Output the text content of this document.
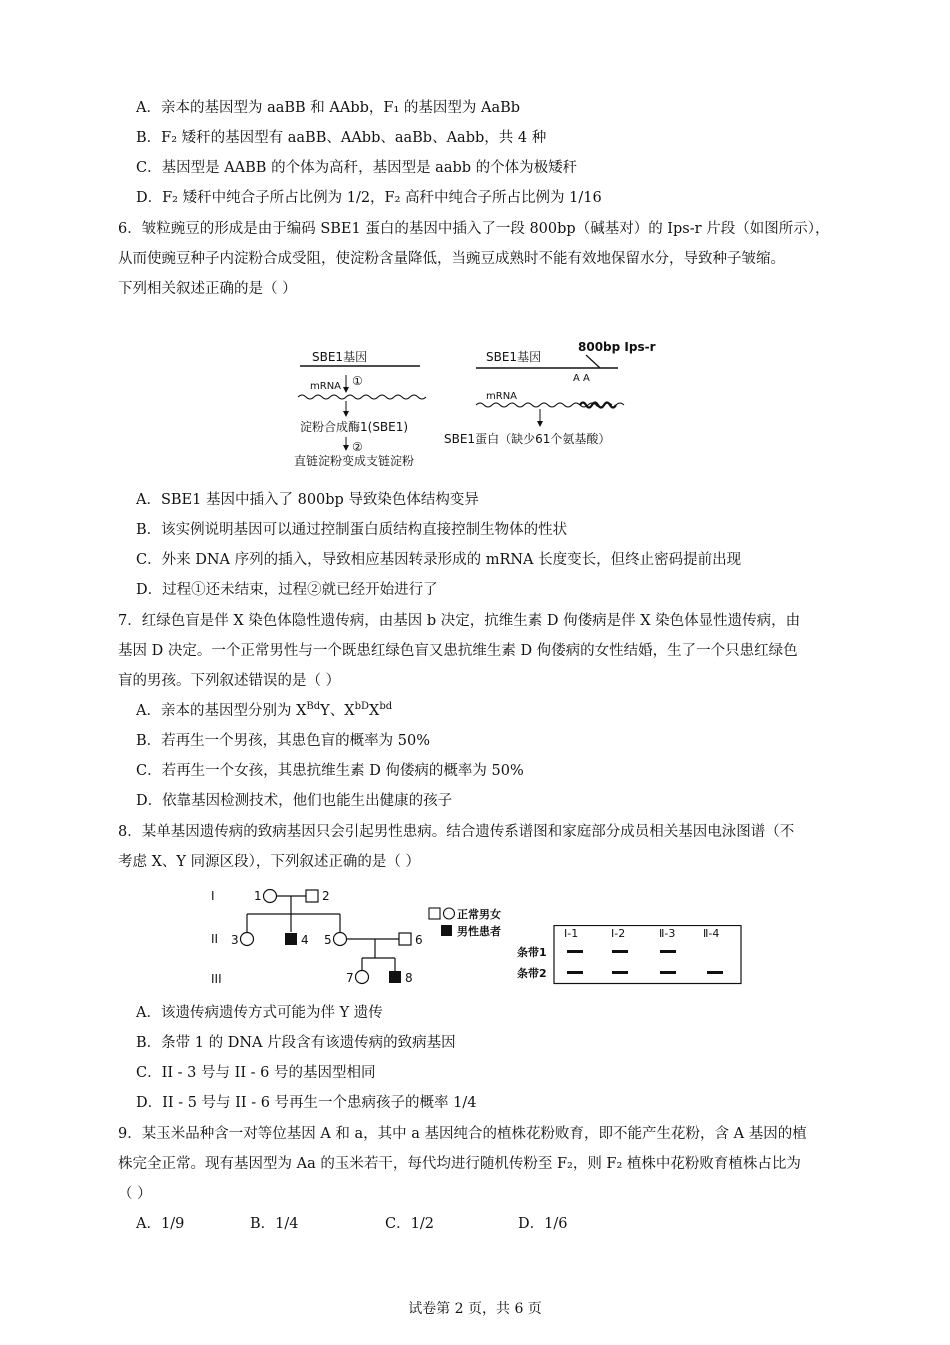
A．亲本的基因型为 aaBB 和 AAbb，F₁ 的基因型为 AaBb
B．F₂ 矮秆的基因型有 aaBB、AAbb、aaBb、Aabb，共 4 种
C．基因型是 AABB 的个体为高秆，基因型是 aabb 的个体为极矮秆
D．F₂ 矮秆中纯合子所占比例为 1/2，F₂ 高秆中纯合子所占比例为 1/16
6．皱粒豌豆的形成是由于编码 SBE1 蛋白的基因中插入了一段 800bp（碱基对）的 Ips-r 片段（如图所示），
从而使豌豆种子内淀粉合成受阻，使淀粉含量降低，当豌豆成熟时不能有效地保留水分，导致种子皱缩。
下列相关叙述正确的是（ ）
SBE1基因
mRNA ①
淀粉合成酶1(SBE1)
②
直链淀粉变成支链淀粉
SBE1基因
800bp Ips-r
A A
mRNA
SBE1蛋白（缺少61个氨基酸）
A．SBE1 基因中插入了 800bp 导致染色体结构变异
B．该实例说明基因可以通过控制蛋白质结构直接控制生物体的性状
C．外来 DNA 序列的插入，导致相应基因转录形成的 mRNA 长度变长，但终止密码提前出现
D．过程①还未结束，过程②就已经开始进行了
7．红绿色盲是伴 X 染色体隐性遗传病，由基因 b 决定，抗维生素 D 佝偻病是伴 X 染色体显性遗传病，由
基因 D 决定。一个正常男性与一个既患红绿色盲又患抗维生素 D 佝偻病的女性结婚，生了一个只患红绿色
盲的男孩。下列叙述错误的是（ ）
A．亲本的基因型分别为 $X^{Bd}Y$、$X^{bD}X^{bd}$
B．若再生一个男孩，其患色盲的概率为 50%
C．若再生一个女孩，其患抗维生素 D 佝偻病的概率为 50%
D．依靠基因检测技术，他们也能生出健康的孩子
8．某单基因遗传病的致病基因只会引起男性患病。结合遗传系谱图和家庭部分成员相关基因电泳图谱（不
考虑 X、Y 同源区段），下列叙述正确的是（ ）
I
II
III
1	2
3	4 5	6
7	8
正常男女
男性患者	Ⅰ-1	Ⅰ-2	Ⅱ-3	Ⅱ-4
条带1
条带2
A．该遗传病遗传方式可能为伴 Y 遗传
B．条带 1 的 DNA 片段含有该遗传病的致病基因
C．II - 3 号与 II - 6 号的基因型相同
D．II - 5 号与 II - 6 号再生一个患病孩子的概率 1/4
9．某玉米品种含一对等位基因 A 和 a，其中 a 基因纯合的植株花粉败育，即不能产生花粉，含 A 基因的植
株完全正常。现有基因型为 Aa 的玉米若干，每代均进行随机传粉至 F₂，则 F₂ 植株中花粉败育植株占比为
（ ）
A．1/9	B．1/4	C．1/2	D．1/6
试卷第 2 页，共 6 页
